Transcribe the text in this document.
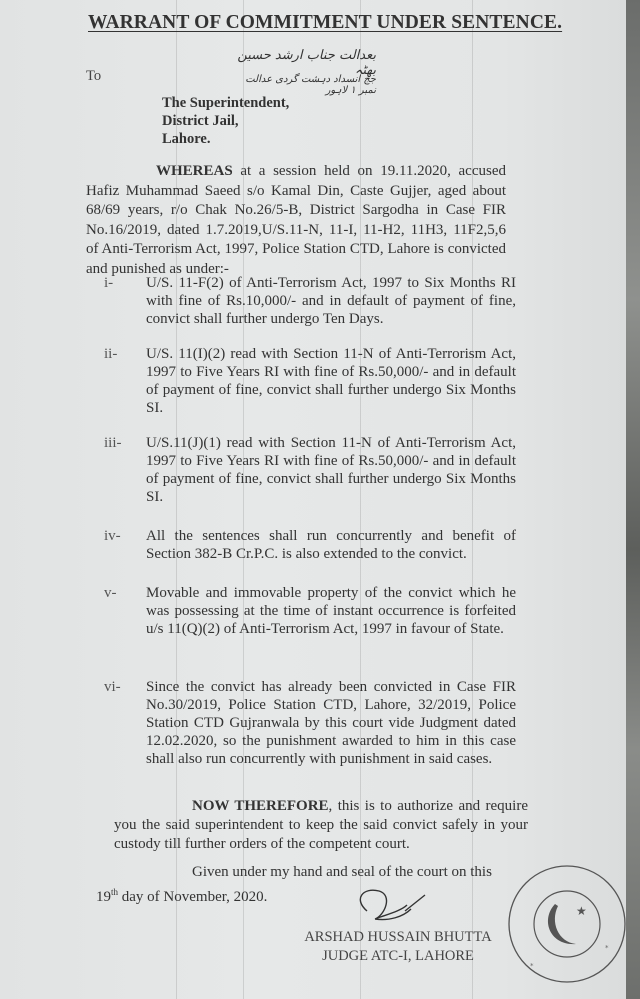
WARRANT OF COMMITMENT UNDER SENTENCE.
بعدالت جناب ارشد حسین بھٹہ
جج انسداد دہشت گردی عدالت نمبر ۱ لاہور
To
The Superintendent,
District Jail,
Lahore.
WHEREAS at a session held on 19.11.2020, accused Hafiz Muhammad Saeed s/o Kamal Din, Caste Gujjer, aged about 68/69 years, r/o Chak No.26/5-B, District Sargodha in Case FIR No.16/2019, dated 1.7.2019,U/S.11-N, 11-I, 11-H2, 11H3, 11F2,5,6 of Anti-Terrorism Act, 1997, Police Station CTD, Lahore is convicted and punished as under:-
i-	U/S. 11-F(2) of Anti-Terrorism Act, 1997 to Six Months RI with fine of Rs.10,000/- and in default of payment of fine, convict shall further undergo Ten Days.
ii-	U/S. 11(I)(2) read with Section 11-N of Anti-Terrorism Act, 1997 to Five Years RI with fine of Rs.50,000/- and in default of payment of fine, convict shall further undergo Six Months SI.
iii-	U/S.11(J)(1) read with Section 11-N of Anti-Terrorism Act, 1997 to Five Years RI with fine of Rs.50,000/- and in default of payment of fine, convict shall further undergo Six Months SI.
iv-	All the sentences shall run concurrently and benefit of Section 382-B Cr.P.C. is also extended to the convict.
v-	Movable and immovable property of the convict which he was possessing at the time of instant occurrence is forfeited u/s 11(Q)(2) of Anti-Terrorism Act, 1997 in favour of State.
vi-	Since the convict has already been convicted in Case FIR No.30/2019, Police Station CTD, Lahore, 32/2019, Police Station CTD Gujranwala by this court vide Judgment dated 12.02.2020, so the punishment awarded to him in this case shall also run concurrently with punishment in said cases.
NOW THEREFORE, this is to authorize and require you the said superintendent to keep the said convict safely in your custody till further orders of the competent court.
Given under my hand and seal of the court on this
19th day of November, 2020.
ARSHAD HUSSAIN BHUTTA
JUDGE ATC-I, LAHORE
★
*
*
